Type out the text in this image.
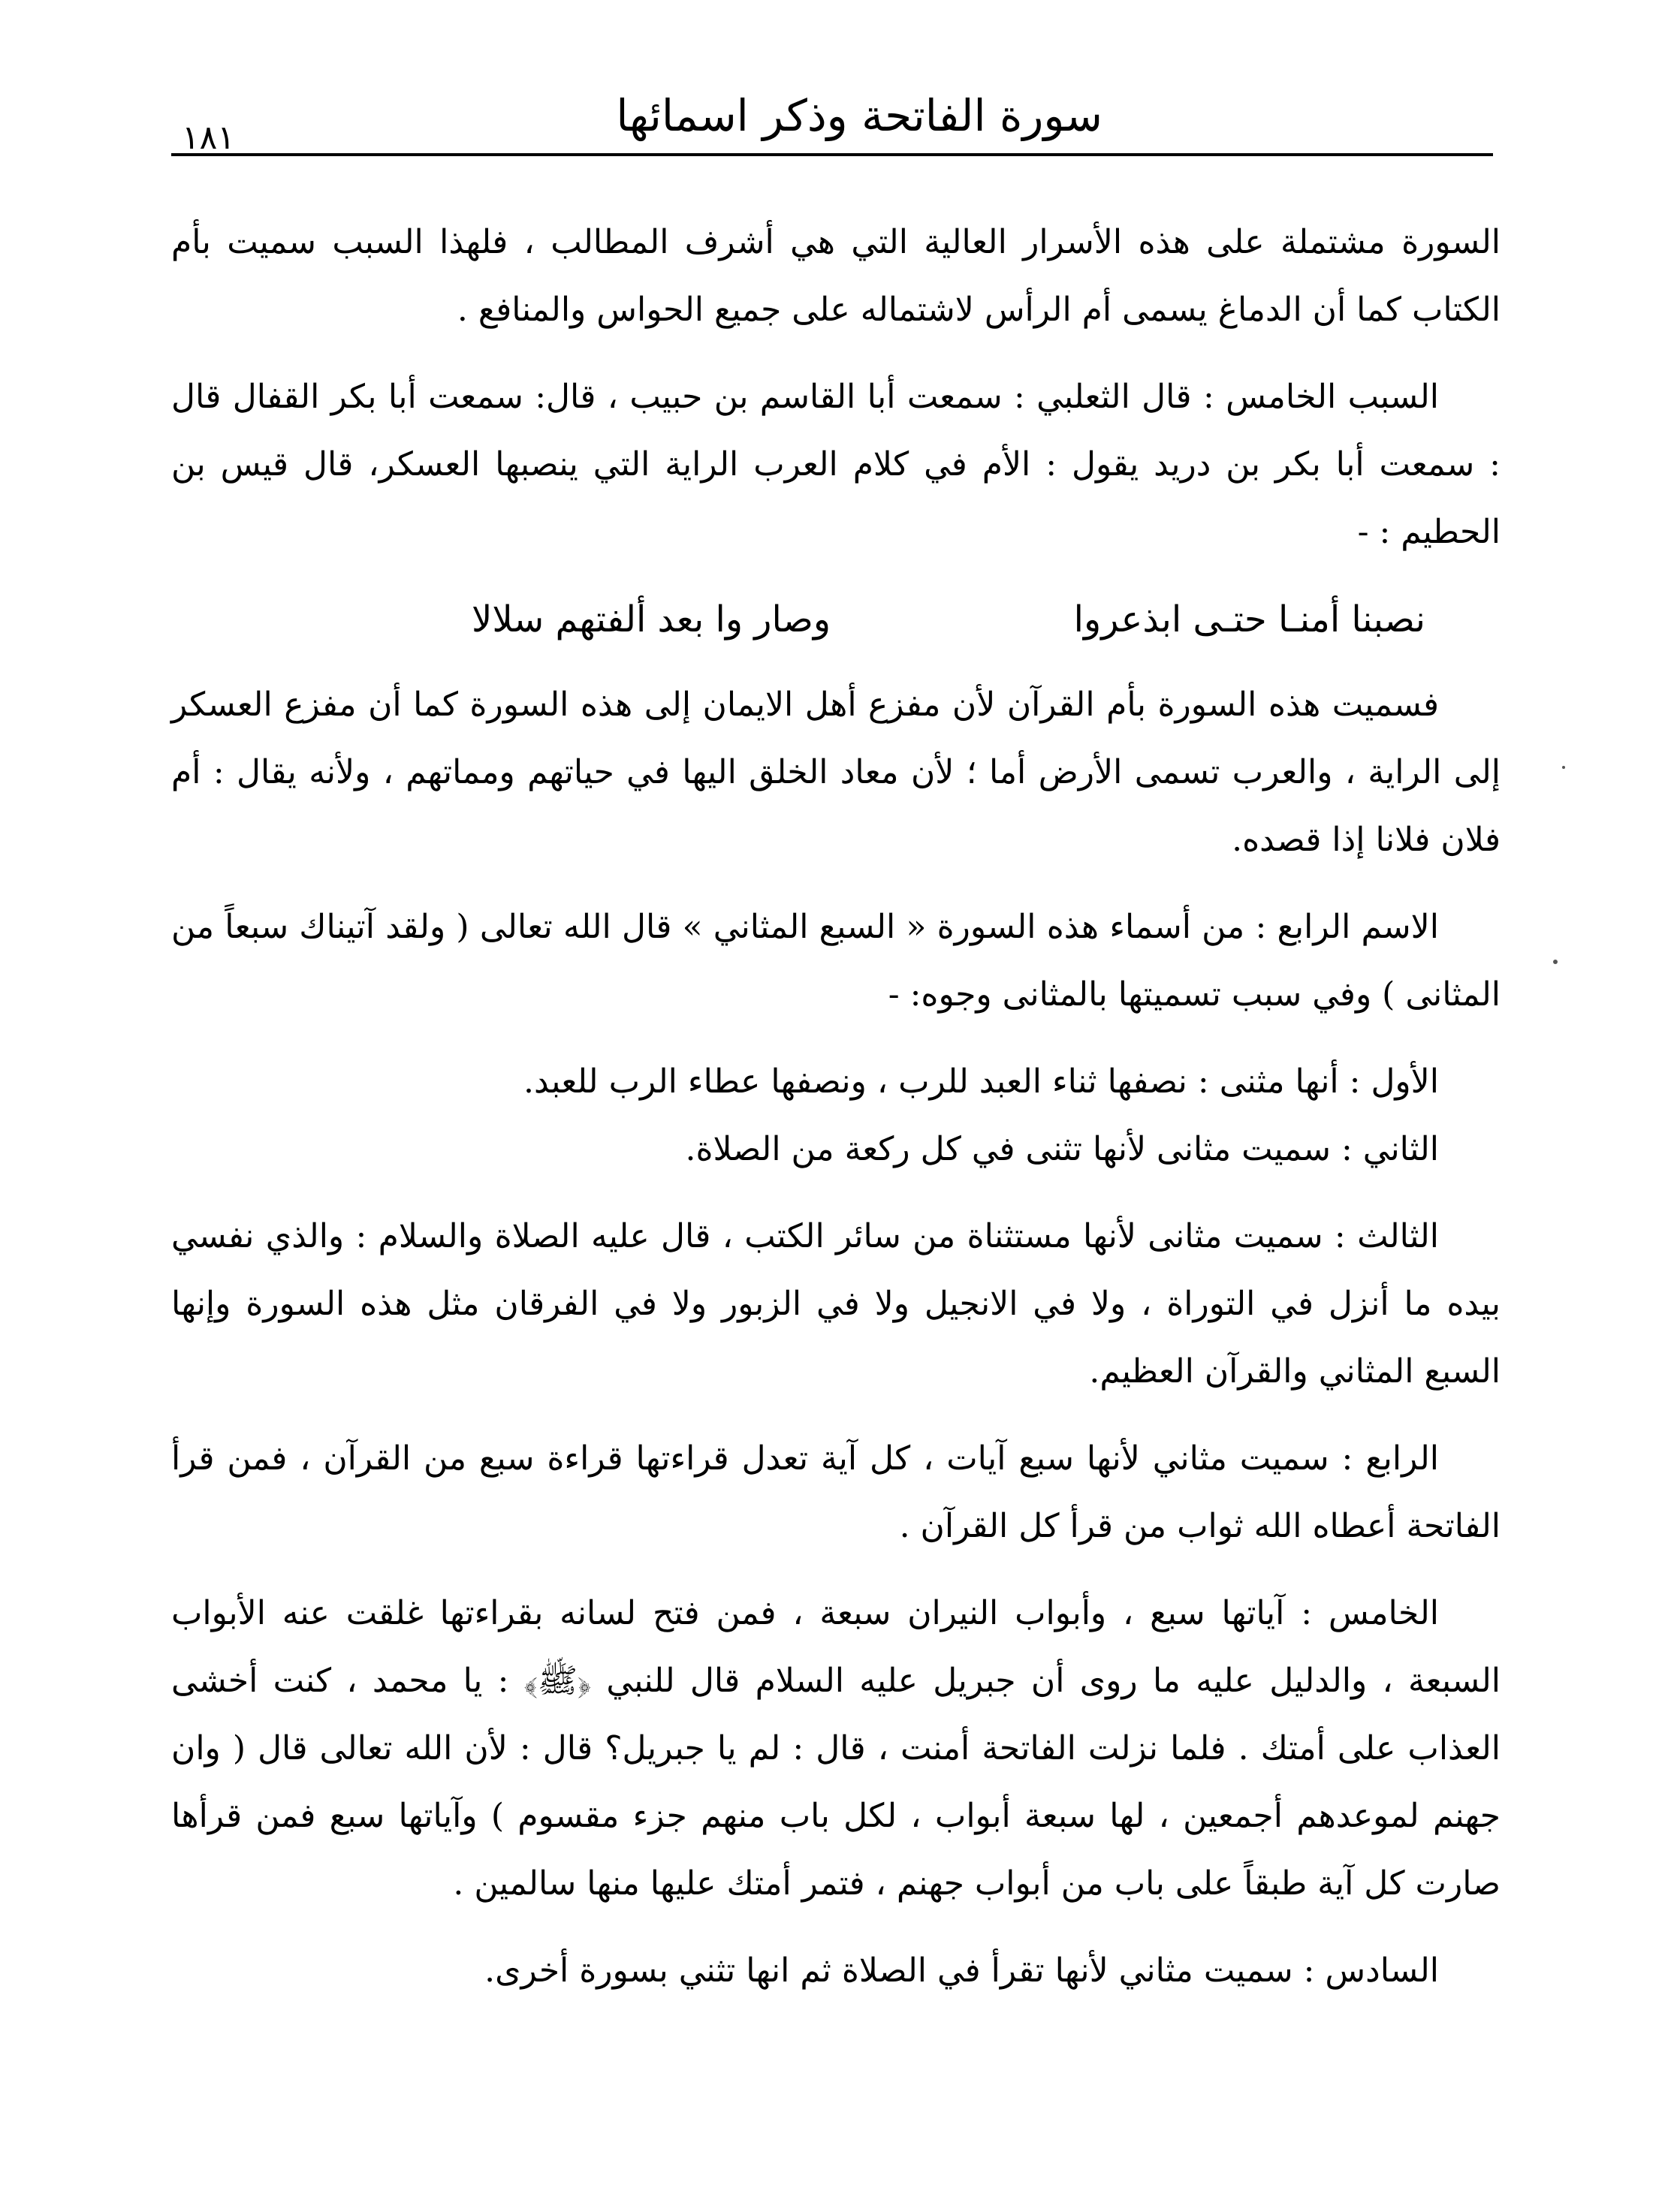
١٨١	سورة الفاتحة وذكر اسمائها

السورة مشتملة على هذه الأسرار العالية التي هي أشرف المطالب ، فلهذا السبب سميت بأم الكتاب كما أن الدماغ يسمى أم الرأس لاشتماله على جميع الحواس والمنافع .

السبب الخامس : قال الثعلبي : سمعت أبا القاسم بن حبيب ، قال: سمعت أبا بكر القفال قال : سمعت أبا بكر بن دريد يقول : الأم في كلام العرب الراية التي ينصبها العسكر، قال قيس بن الحطيم : -

نصبنا أمنـا حتـى ابذعروا
وصار وا بعد ألفتهم سلالا

فسميت هذه السورة بأم القرآن لأن مفزع أهل الايمان إلى هذه السورة كما أن مفزع العسكر إلى الراية ، والعرب تسمى الأرض أما ؛ لأن معاد الخلق اليها في حياتهم ومماتهم ، ولأنه يقال : أم فلان فلانا إذا قصده.

الاسم الرابع : من أسماء هذه السورة « السبع المثاني » قال الله تعالى ( ولقد آتيناك سبعاً من المثانى ) وفي سبب تسميتها بالمثانى وجوه: -

الأول : أنها مثنى : نصفها ثناء العبد للرب ، ونصفها عطاء الرب للعبد.

الثاني : سميت مثانى لأنها تثنى في كل ركعة من الصلاة.

الثالث : سميت مثانى لأنها مستثناة من سائر الكتب ، قال عليه الصلاة والسلام : والذي نفسي بيده ما أنزل في التوراة ، ولا في الانجيل ولا في الزبور ولا في الفرقان مثل هذه السورة وإنها السبع المثاني والقرآن العظيم.

الرابع : سميت مثاني لأنها سبع آيات ، كل آية تعدل قراءتها قراءة سبع من القرآن ، فمن قرأ الفاتحة أعطاه الله ثواب من قرأ كل القرآن .

الخامس : آياتها سبع ، وأبواب النيران سبعة ، فمن فتح لسانه بقراءتها غلقت عنه الأبواب السبعة ، والدليل عليه ما روى أن جبريل عليه السلام قال للنبي ﴿ﷺ﴾ : يا محمد ، كنت أخشى العذاب على أمتك . فلما نزلت الفاتحة أمنت ، قال : لم يا جبريل؟ قال : لأن الله تعالى قال ( وان جهنم لموعدهم أجمعين ، لها سبعة أبواب ، لكل باب منهم جزء مقسوم ) وآياتها سبع فمن قرأها صارت كل آية طبقاً على باب من أبواب جهنم ، فتمر أمتك عليها منها سالمين .

السادس : سميت مثاني لأنها تقرأ في الصلاة ثم انها تثني بسورة أخرى.
